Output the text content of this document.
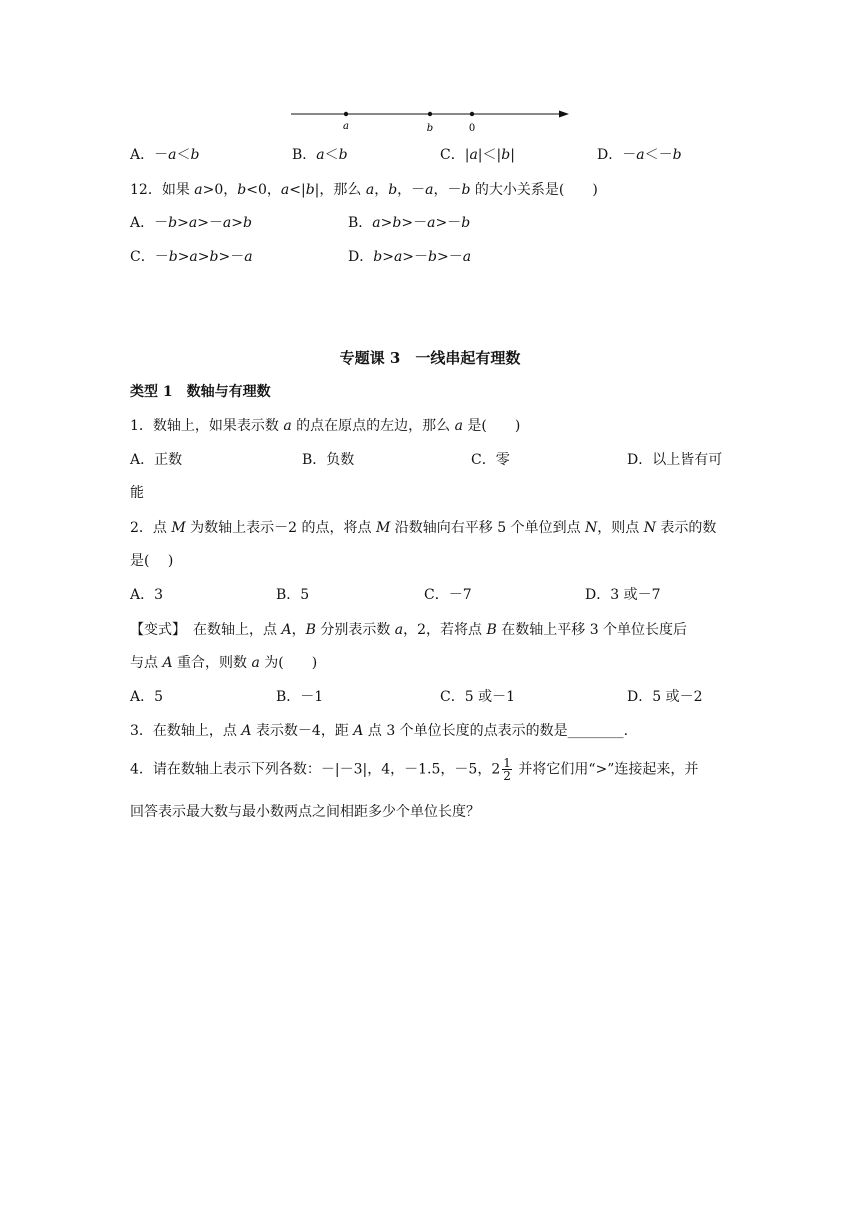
a	b	0
A．－a＜b	B．a＜b	C．|a|＜|b|	D．－a＜－b
12．如果 a>0，b<0，a<|b|，那么 a，b，－a，－b 的大小关系是(　　)
A．－b>a>－a>b	B．a>b>－a>－b
C．－b>a>b>－a	D．b>a>－b>－a
专题课 3　一线串起有理数
类型 1　数轴与有理数
1．数轴上，如果表示数 a 的点在原点的左边，那么 a 是(　　)
A．正数	B．负数	C．零	D．以上皆有可
能
2．点 M 为数轴上表示－2 的点，将点 M 沿数轴向右平移 5 个单位到点 N，则点 N 表示的数
是(　 )
A．3	B．5	C．－7	D．3 或－7
【变式】　在数轴上，点 A，B 分别表示数 a，2，若将点 B 在数轴上平移 3 个单位长度后
与点 A 重合，则数 a 为(　　)
A．5	B．－1	C．5 或－1	D．5 或－2
3．在数轴上，点 A 表示数－4，距 A 点 3 个单位长度的点表示的数是________.
4．请在数轴上表示下列各数：－|－3|，4，－1.5，－5，$2 \frac{1}{2}$ 并将它们用“>”连接起来，并
回答表示最大数与最小数两点之间相距多少个单位长度？
